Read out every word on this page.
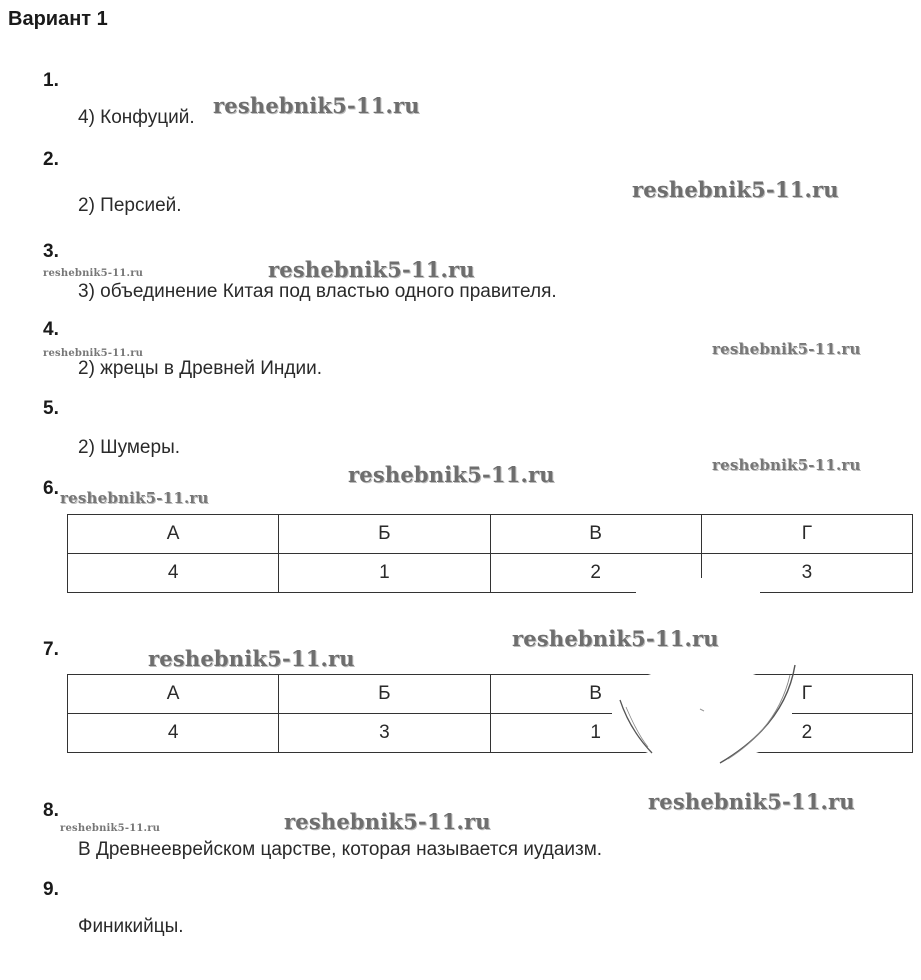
Вариант 1
1.
4) Конфуций.
2.
2) Персией.
3.
3) объединение Китая под властью одного правителя.
4.
2) жрецы в Древней Индии.
5.
2) Шумеры.
6.
А	Б	В	Г
4	1	2	3
7.
А	Б	В	Г
4	3	1	2
8.
В Древнееврейском царстве, которая называется иудаизм.
9.
Финикийцы.
reshebnik5-11.ru
reshebnik5-11.ru
reshebnik5-11.ru	reshebnik5-11.ru
reshebnik5-11.ru	reshebnik5-11.ru
reshebnik5-11.ru	reshebnik5-11.ru
reshebnik5-11.ru
reshebnik5-11.ru
reshebnik5-11.ru
reshebnik5-11.ru
reshebnik5-11.ru
reshebnik5-11.ru
